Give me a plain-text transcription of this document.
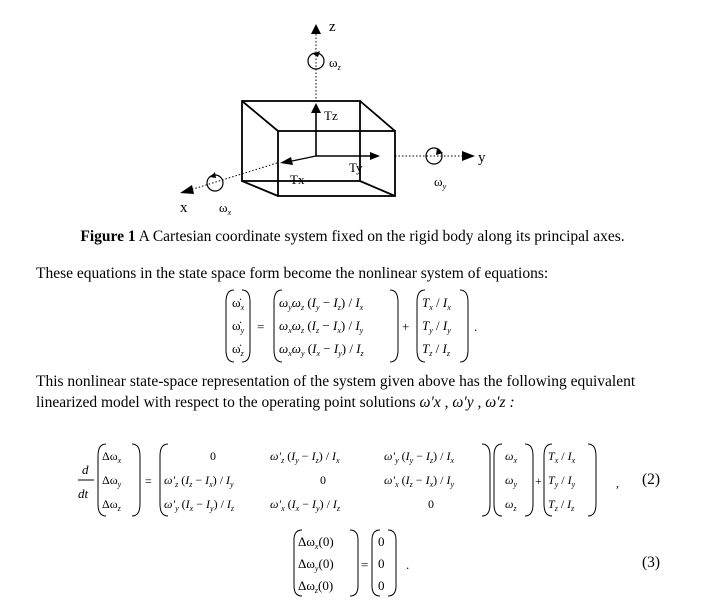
z
y
x
Tz
Ty
Tx
$\omega_z$
$\omega_y$
$\omega_x$
Figure 1 A Cartesian coordinate system fixed on the rigid body along its principal axes.
These equations in the state space form become the nonlinear system of equations:
$\omegȧ_x$
$\omegȧ_y$
$\omegȧ_z$
=
$\omega_y\omega_z$ $(I_y - I_z) / I_x$
$\omega_x\omega_z$ $(I_z - I_x) / I_y$
$\omega_x\omega_y$ $(I_x - I_y) / I_z$
+
$T_x / I_x$
$T_y / I_y$
$T_z / I_z$
.
This nonlinear state-space representation of the system given above has the following equivalent
linearized model with respect to the operating point solutions ω′x , ω′y , ω′z :
d
dt
$\Delta\omega_x$
$\Delta\omega_y$
$\Delta\omega_z$
=
0	$\omega'_z$ $(I_y - I_z) / I_x$	$\omega'_y$ $(I_y - I_z) / I_x$
$\omega'_z$ $(I_z - I_x) / I_y$	0	$\omega'_x$ $(I_z - I_x) / I_y$
$\omega'_y$ $(I_x - I_y) / I_z$	$\omega'_x$ $(I_x - I_y) / I_z$	0
$\omega_x$
$\omega_y$
$\omega_z$
+
$T_x / I_x$
$T_y / I_y$
$T_z / I_z$
, (2)
$\Delta\omega_x(0)$
$\Delta\omega_y(0)$
$\Delta\omega_z(0)$
=
0
0
0
.	(3)
